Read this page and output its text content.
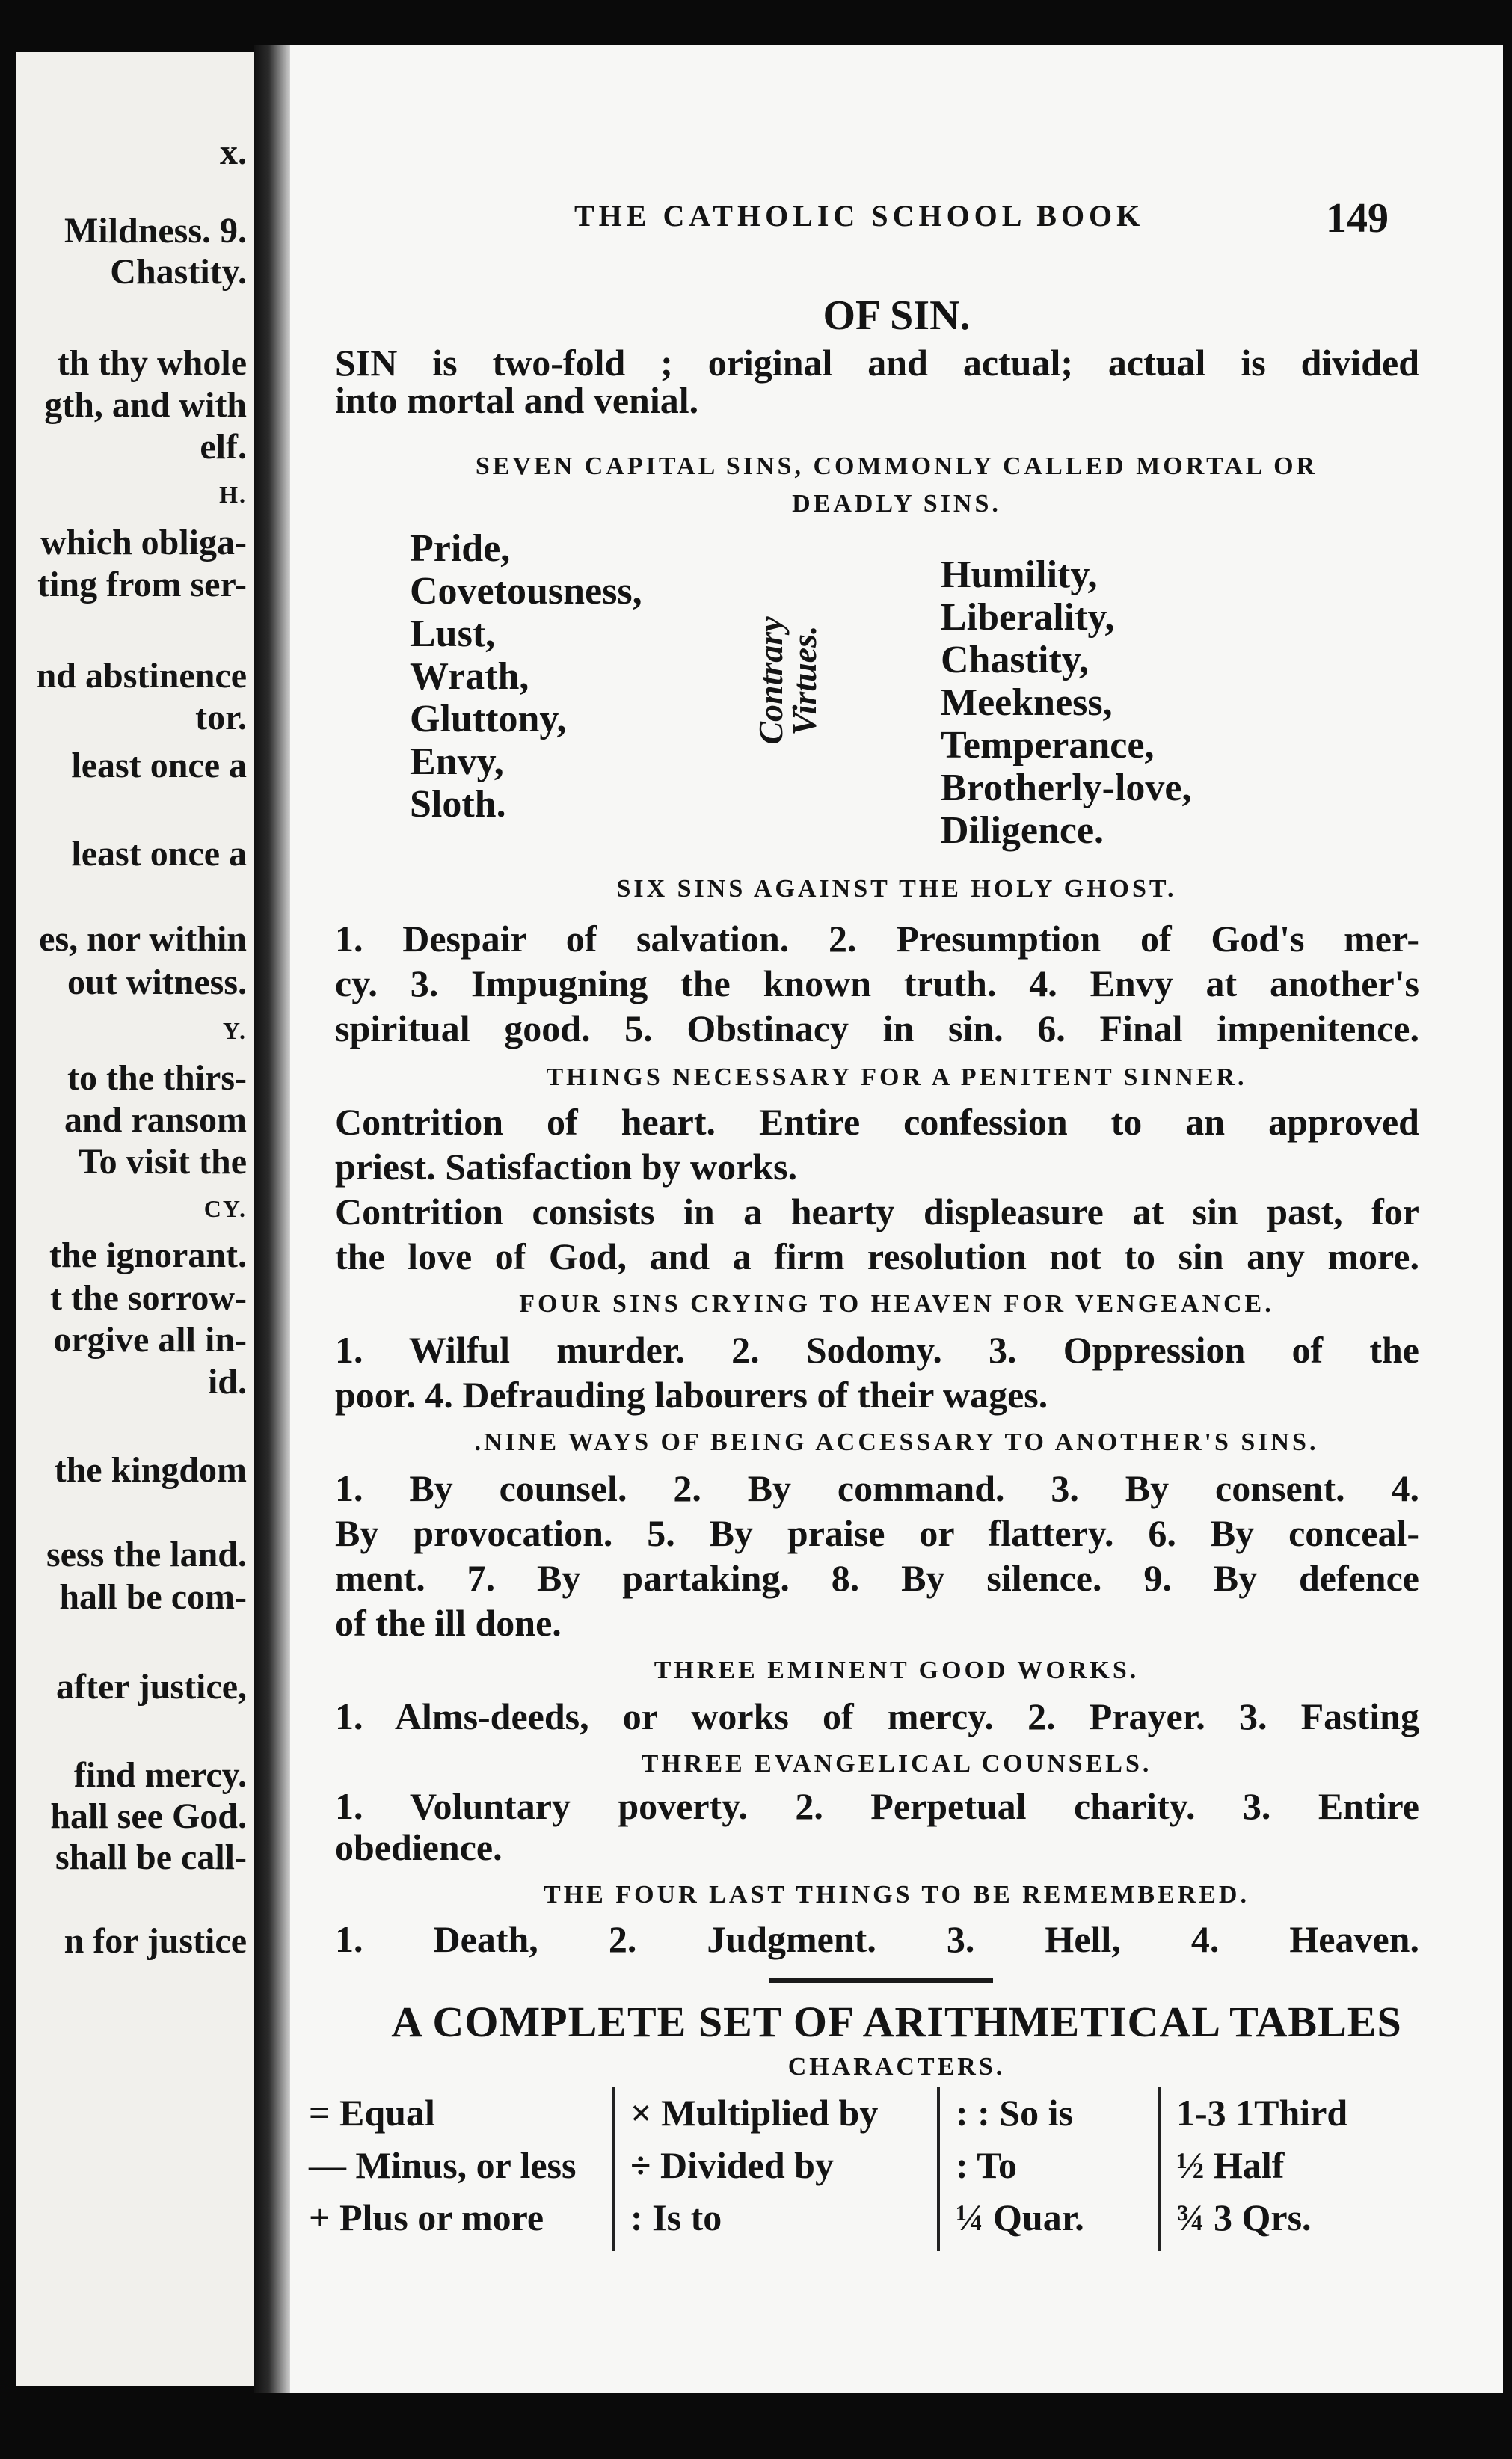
x.
Mildness. 9.
Chastity.
th thy whole
gth, and with
elf.
H.
which obliga-
ting from ser-
nd abstinence
tor.
least once a
least once a
es, nor within
out witness.
Y.
to the thirs-
and ransom
To visit the
CY.
the ignorant.
t the sorrow-
orgive all in-
id.
the kingdom
sess the land.
hall be com-
after justice,
find mercy.
hall see God.
shall be call-
n for justice
THE CATHOLIC SCHOOL BOOK	149
OF SIN.
SIN is two-fold ; original and actual; actual is divided
into mortal and venial.
SEVEN CAPITAL SINS, COMMONLY CALLED MORTAL OR
DEADLY SINS.
Pride,
Covetousness,
Lust,
Wrath,
Gluttony,
Envy,
Sloth.
Contrary
Virtues.
Humility,
Liberality,
Chastity,
Meekness,
Temperance,
Brotherly-love,
Diligence.
SIX SINS AGAINST THE HOLY GHOST.
1. Despair of salvation. 2. Presumption of God's mer-
cy. 3. Impugning the known truth. 4. Envy at another's
spiritual good. 5. Obstinacy in sin. 6. Final impenitence.
THINGS NECESSARY FOR A PENITENT SINNER.
Contrition of heart. Entire confession to an approved
priest. Satisfaction by works.
Contrition consists in a hearty displeasure at sin past, for
the love of God, and a firm resolution not to sin any more.
FOUR SINS CRYING TO HEAVEN FOR VENGEANCE.
1. Wilful murder. 2. Sodomy. 3. Oppression of the
poor. 4. Defrauding labourers of their wages.
.NINE WAYS OF BEING ACCESSARY TO ANOTHER'S SINS.
1. By counsel. 2. By command. 3. By consent. 4.
By provocation. 5. By praise or flattery. 6. By conceal-
ment. 7. By partaking. 8. By silence. 9. By defence
of the ill done.
THREE EMINENT GOOD WORKS.
1. Alms-deeds, or works of mercy. 2. Prayer. 3. Fasting
THREE EVANGELICAL COUNSELS.
1. Voluntary poverty. 2. Perpetual charity. 3. Entire
obedience.
THE FOUR LAST THINGS TO BE REMEMBERED.
1. Death, 2. Judgment. 3. Hell, 4. Heaven.
A COMPLETE SET OF ARITHMETICAL TABLES
CHARACTERS.
= Equal
— Minus, or less
+ Plus or more
× Multiplied by
÷ Divided by
: Is to
: : So is
: To
¼ Quar.
1-3 1Third
½ Half
¾ 3 Qrs.
